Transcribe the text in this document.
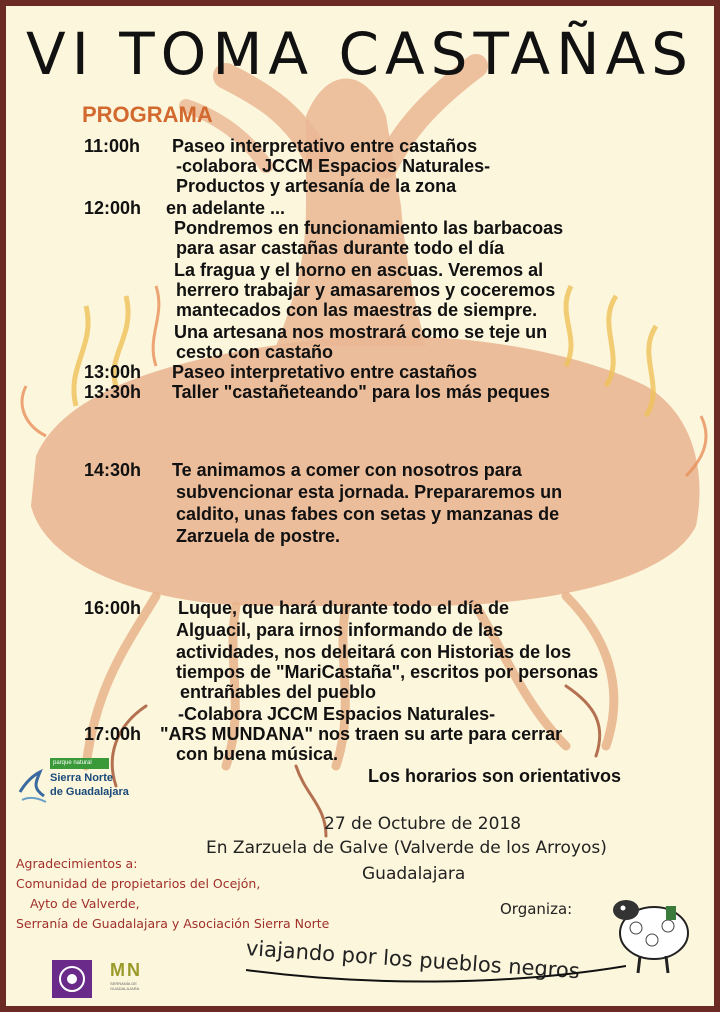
VI TOMA CASTAÑAS
PROGRAMA
11:00h Paseo interpretativo entre castaños
-colabora JCCM Espacios Naturales-
Productos y artesanía de la zona
12:00h en adelante ...
Pondremos en funcionamiento las barbacoas
para asar castañas durante todo el día
La fragua y el horno en ascuas. Veremos al
herrero trabajar y amasaremos y coceremos
mantecados con las maestras de siempre.
Una artesana nos mostrará como se teje un
cesto con castaño
13:00h Paseo interpretativo entre castaños
13:30h Taller "castañeteando" para los más peques
14:30h Te animamos a comer con nosotros para
subvencionar esta jornada. Prepararemos un
caldito, unas fabes con setas y manzanas de
Zarzuela de postre.
16:00h Luque, que hará durante todo el día de
Alguacil, para irnos informando de las
actividades, nos deleitará con Historias de los
tiempos de "MariCastaña", escritos por personas
entrañables del pueblo
-Colabora JCCM Espacios Naturales-
17:00h "ARS MUNDANA" nos traen su arte para cerrar
con buena música.
Los horarios son orientativos
27 de Octubre de 2018
En Zarzuela de Galve (Valverde de los Arroyos)
Guadalajara
Agradecimientos a:
Comunidad de propietarios del Ocejón,
Ayto de Valverde,
Serranía de Guadalajara y Asociación Sierra Norte
Organiza:
viajando por los pueblos negros
parque natural
Sierra Norte
de Guadalajara
MN
SERRANÍA DE GUADALAJARA
